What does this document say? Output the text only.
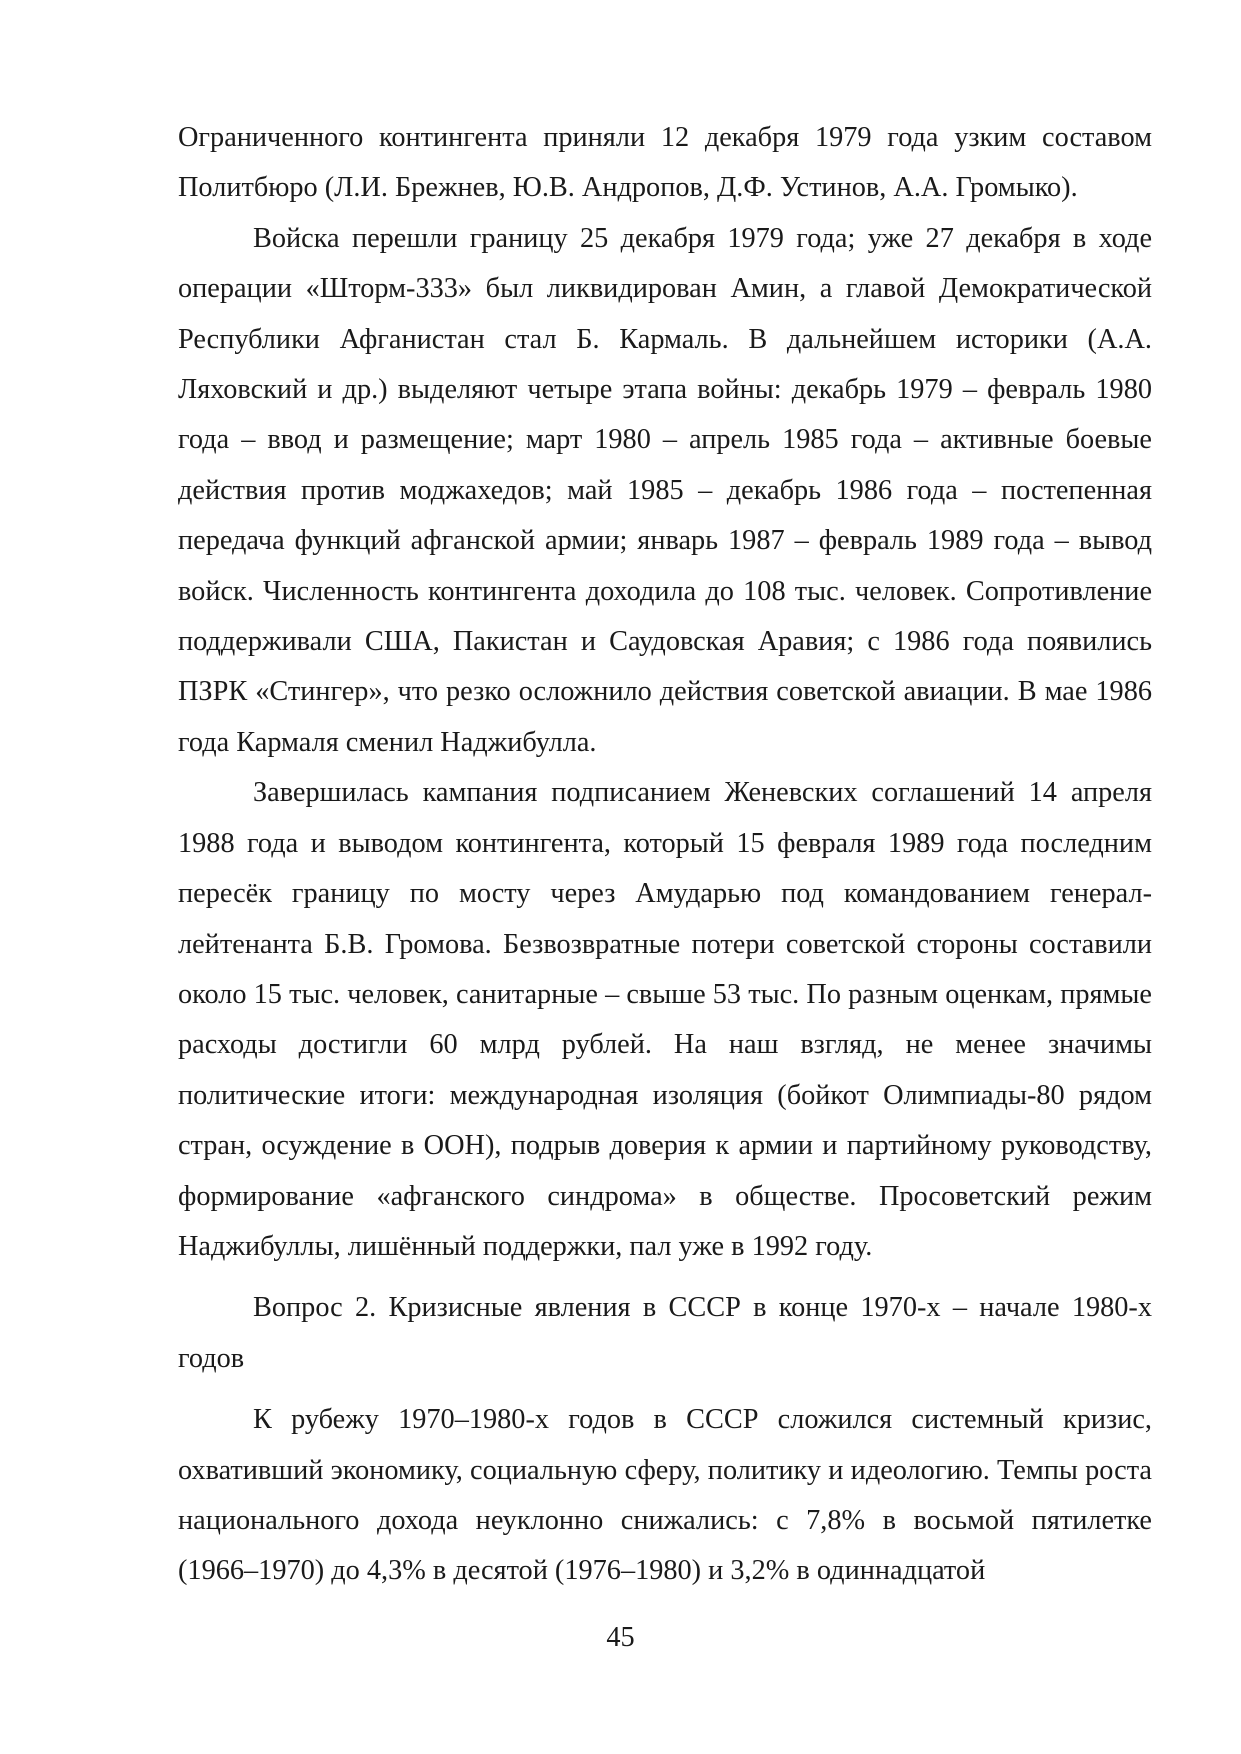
Ограниченного контингента приняли 12 декабря 1979 года узким составом Политбюро (Л.И. Брежнев, Ю.В. Андропов, Д.Ф. Устинов, А.А. Громыко).

Войска перешли границу 25 декабря 1979 года; уже 27 декабря в ходе операции «Шторм-333» был ликвидирован Амин, а главой Демократической Республики Афганистан стал Б. Кармаль. В дальнейшем историки (А.А. Ляховский и др.) выделяют четыре этапа войны: декабрь 1979 – февраль 1980 года – ввод и размещение; март 1980 – апрель 1985 года – активные боевые действия против моджахедов; май 1985 – декабрь 1986 года – постепенная передача функций афганской армии; январь 1987 – февраль 1989 года – вывод войск. Численность контингента доходила до 108 тыс. человек. Сопротивление поддерживали США, Пакистан и Саудовская Аравия; с 1986 года появились ПЗРК «Стингер», что резко осложнило действия советской авиации. В мае 1986 года Кармаля сменил Наджибулла.

Завершилась кампания подписанием Женевских соглашений 14 апреля 1988 года и выводом контингента, который 15 февраля 1989 года последним пересёк границу по мосту через Амударью под командованием генерал-лейтенанта Б.В. Громова. Безвозвратные потери советской стороны составили около 15 тыс. человек, санитарные – свыше 53 тыс. По разным оценкам, прямые расходы достигли 60 млрд рублей. На наш взгляд, не менее значимы политические итоги: международная изоляция (бойкот Олимпиады-80 рядом стран, осуждение в ООН), подрыв доверия к армии и партийному руководству, формирование «афганского синдрома» в обществе. Просоветский режим Наджибуллы, лишённый поддержки, пал уже в 1992 году.

Вопрос 2. Кризисные явления в СССР в конце 1970-х – начале 1980-х годов

К рубежу 1970–1980-х годов в СССР сложился системный кризис, охвативший экономику, социальную сферу, политику и идеологию. Темпы роста национального дохода неуклонно снижались: с 7,8% в восьмой пятилетке (1966–1970) до 4,3% в десятой (1976–1980) и 3,2% в одиннадцатой

45
